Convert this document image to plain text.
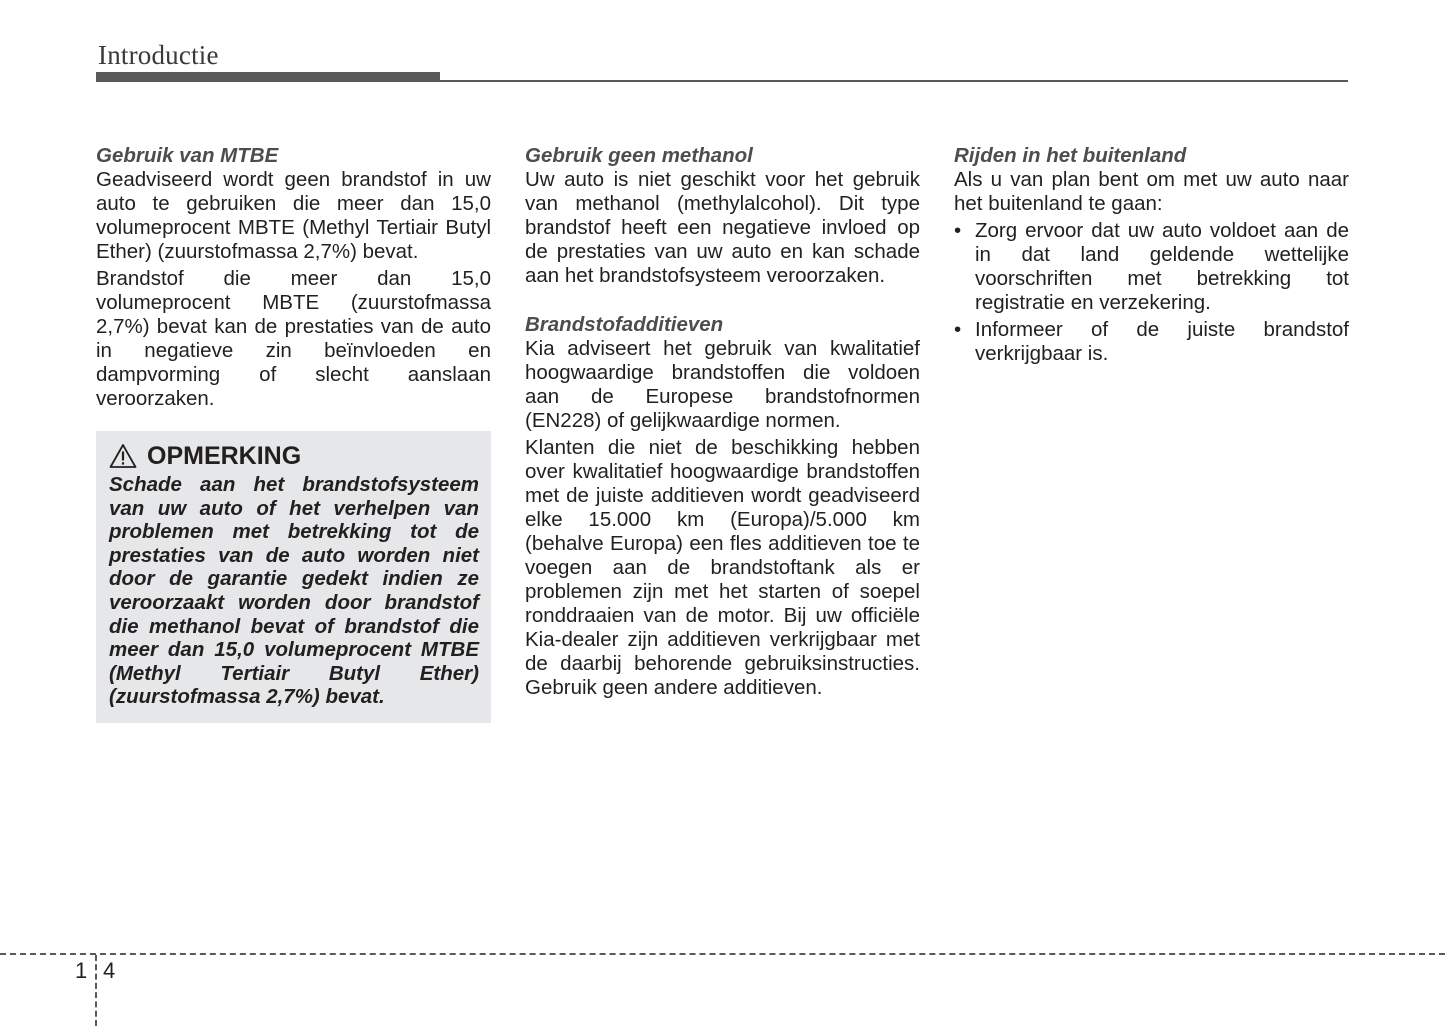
Introductie

Gebruik van MTBE

Geadviseerd wordt geen brandstof in uw auto te gebruiken die meer dan 15,0 volumeprocent MBTE (Methyl Tertiair Butyl Ether) (zuurstofmassa 2,7%) bevat.

Brandstof die meer dan 15,0 volumeprocent MBTE (zuurstofmassa 2,7%) bevat kan de prestaties van de auto in negatieve zin beïnvloeden en dampvorming of slecht aanslaan veroorzaken.

OPMERKING

Schade aan het brandstofsysteem van uw auto of het verhelpen van problemen met betrekking tot de prestaties van de auto worden niet door de garantie gedekt indien ze veroorzaakt worden door brandstof die methanol bevat of brandstof die meer dan 15,0 volumeprocent MTBE (Methyl Tertiair Butyl Ether) (zuurstofmassa 2,7%) bevat.

Gebruik geen methanol

Uw auto is niet geschikt voor het gebruik van methanol (methylalcohol). Dit type brandstof heeft een negatieve invloed op de prestaties van uw auto en kan schade aan het brandstofsysteem veroorzaken.

Brandstofadditieven

Kia adviseert het gebruik van kwalitatief hoogwaardige brandstoffen die voldoen aan de Europese brandstofnormen (EN228) of gelijkwaardige normen.

Klanten die niet de beschikking hebben over kwalitatief hoogwaardige brandstoffen met de juiste additieven wordt geadviseerd elke 15.000 km (Europa)/5.000 km (behalve Europa) een fles additieven toe te voegen aan de brandstoftank als er problemen zijn met het starten of soepel ronddraaien van de motor. Bij uw officiële Kia-dealer zijn additieven verkrijgbaar met de daarbij behorende gebruiksinstructies. Gebruik geen andere additieven.

Rijden in het buitenland

Als u van plan bent om met uw auto naar het buitenland te gaan:

• Zorg ervoor dat uw auto voldoet aan de in dat land geldende wettelijke voorschriften met betrekking tot registratie en verzekering.
• Informeer of de juiste brandstof verkrijgbaar is.
1 4
